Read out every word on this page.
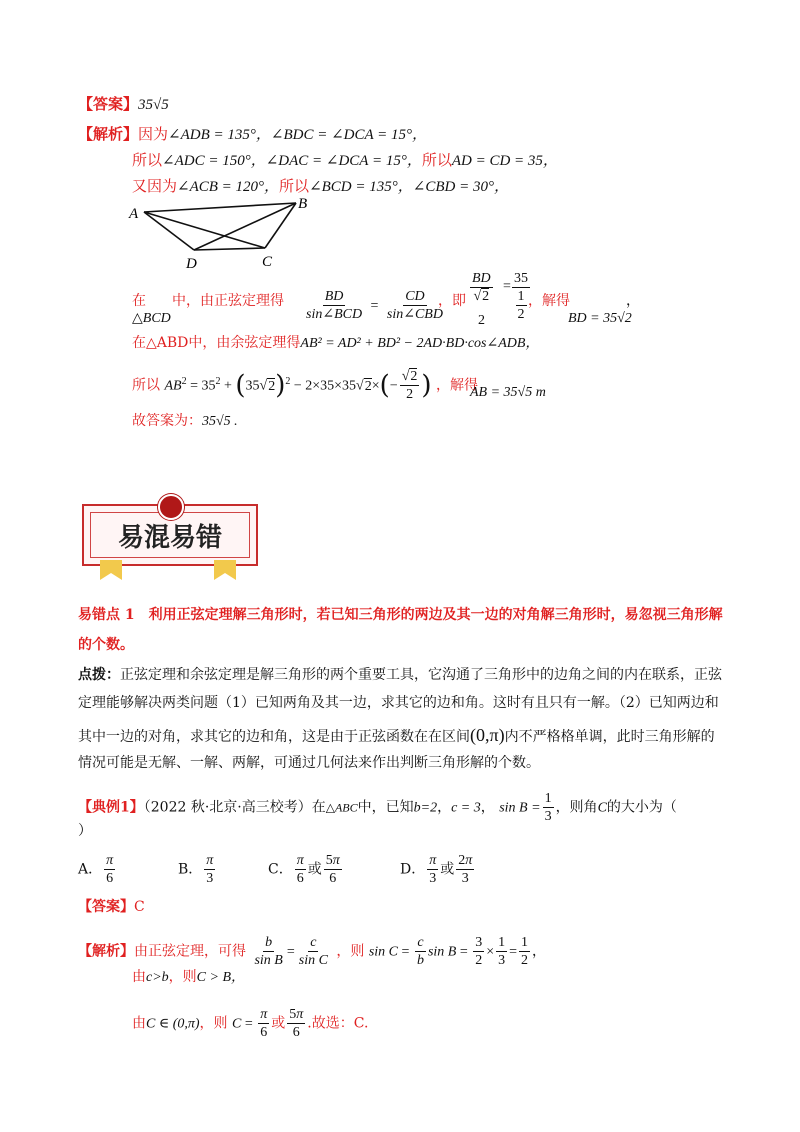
【答案】35√5
【解析】因为∠ADB = 135°，∠BDC = ∠DCA = 15°，
所以∠ADC = 150°，∠DAC = ∠DCA = 15°，所以AD = CD = 35，
又因为∠ACB = 120°，所以∠BCD = 135°，∠CBD = 30°，
A
B
D	C
在
△BCD
中，由正弦定理得 $\frac{BD}{\text{sin∠BCD}} = \frac{CD}{\text{sin∠CBD}}$
，即 $\frac{BD}{√2} = \frac{35}{\frac{1}{2}}$
2
，解得	，
BD = 35√2
在△ABD中，由余弦定理得AB² = AD² + BD² − 2AD·BD·cos∠ADB，
所以 $AB^2 = 35^2 + (35√2)^2 - 2\times 35\times 35√2\times(- \frac{√2}{2}$ ) ，解得
AB = 35√5 m
故答案为：35√5 .
易混易错
易错点 1　利用正弦定理解三角形时，若已知三角形的两边及其一边的对角解三角形时，易忽视三角形解
的个数。
点拨：正弦定理和余弦定理是解三角形的两个重要工具，它沟通了三角形中的边角之间的内在联系，正弦
定理能够解决两类问题（1）已知两角及其一边，求其它的边和角。这时有且只有一解。（2）已知两边和
其中一边的对角，求其它的边和角，这是由于正弦函数在在区间(0,π)内不严格格单调，此时三角形解的
情况可能是无解、一解、两解，可通过几何法来作出判断三角形解的个数。
【典例1】（2022 秋·北京·高三校考）在△ABC中，已知b=2，c = 3， $\sin B = \frac{1}{3}$ ，则角C的大小为（
）
A． $\frac{\pi}{6}$	B． $\frac{\pi}{3}$	C． $\frac{\pi}{6}$ 或 $\frac{5\pi}{6}$	D． $\frac{\pi}{3}$ 或 $\frac{2\pi}{3}$
【答案】C
【解析】由正弦定理，可得 $\frac{b}{\text{sin B}} = \frac{c}{\text{sin C}}$ ，则 $\sin C = \frac{c}{b}$ $\sin B = \frac{3}{2} \times \frac{1}{3} = \frac{1}{2}$ ，
由c>b，则C > B，
由C ∈ (0,π)，则 $C = \frac{\pi}{6}$ 或 $\frac{5\pi}{6}$ .故选：C.
